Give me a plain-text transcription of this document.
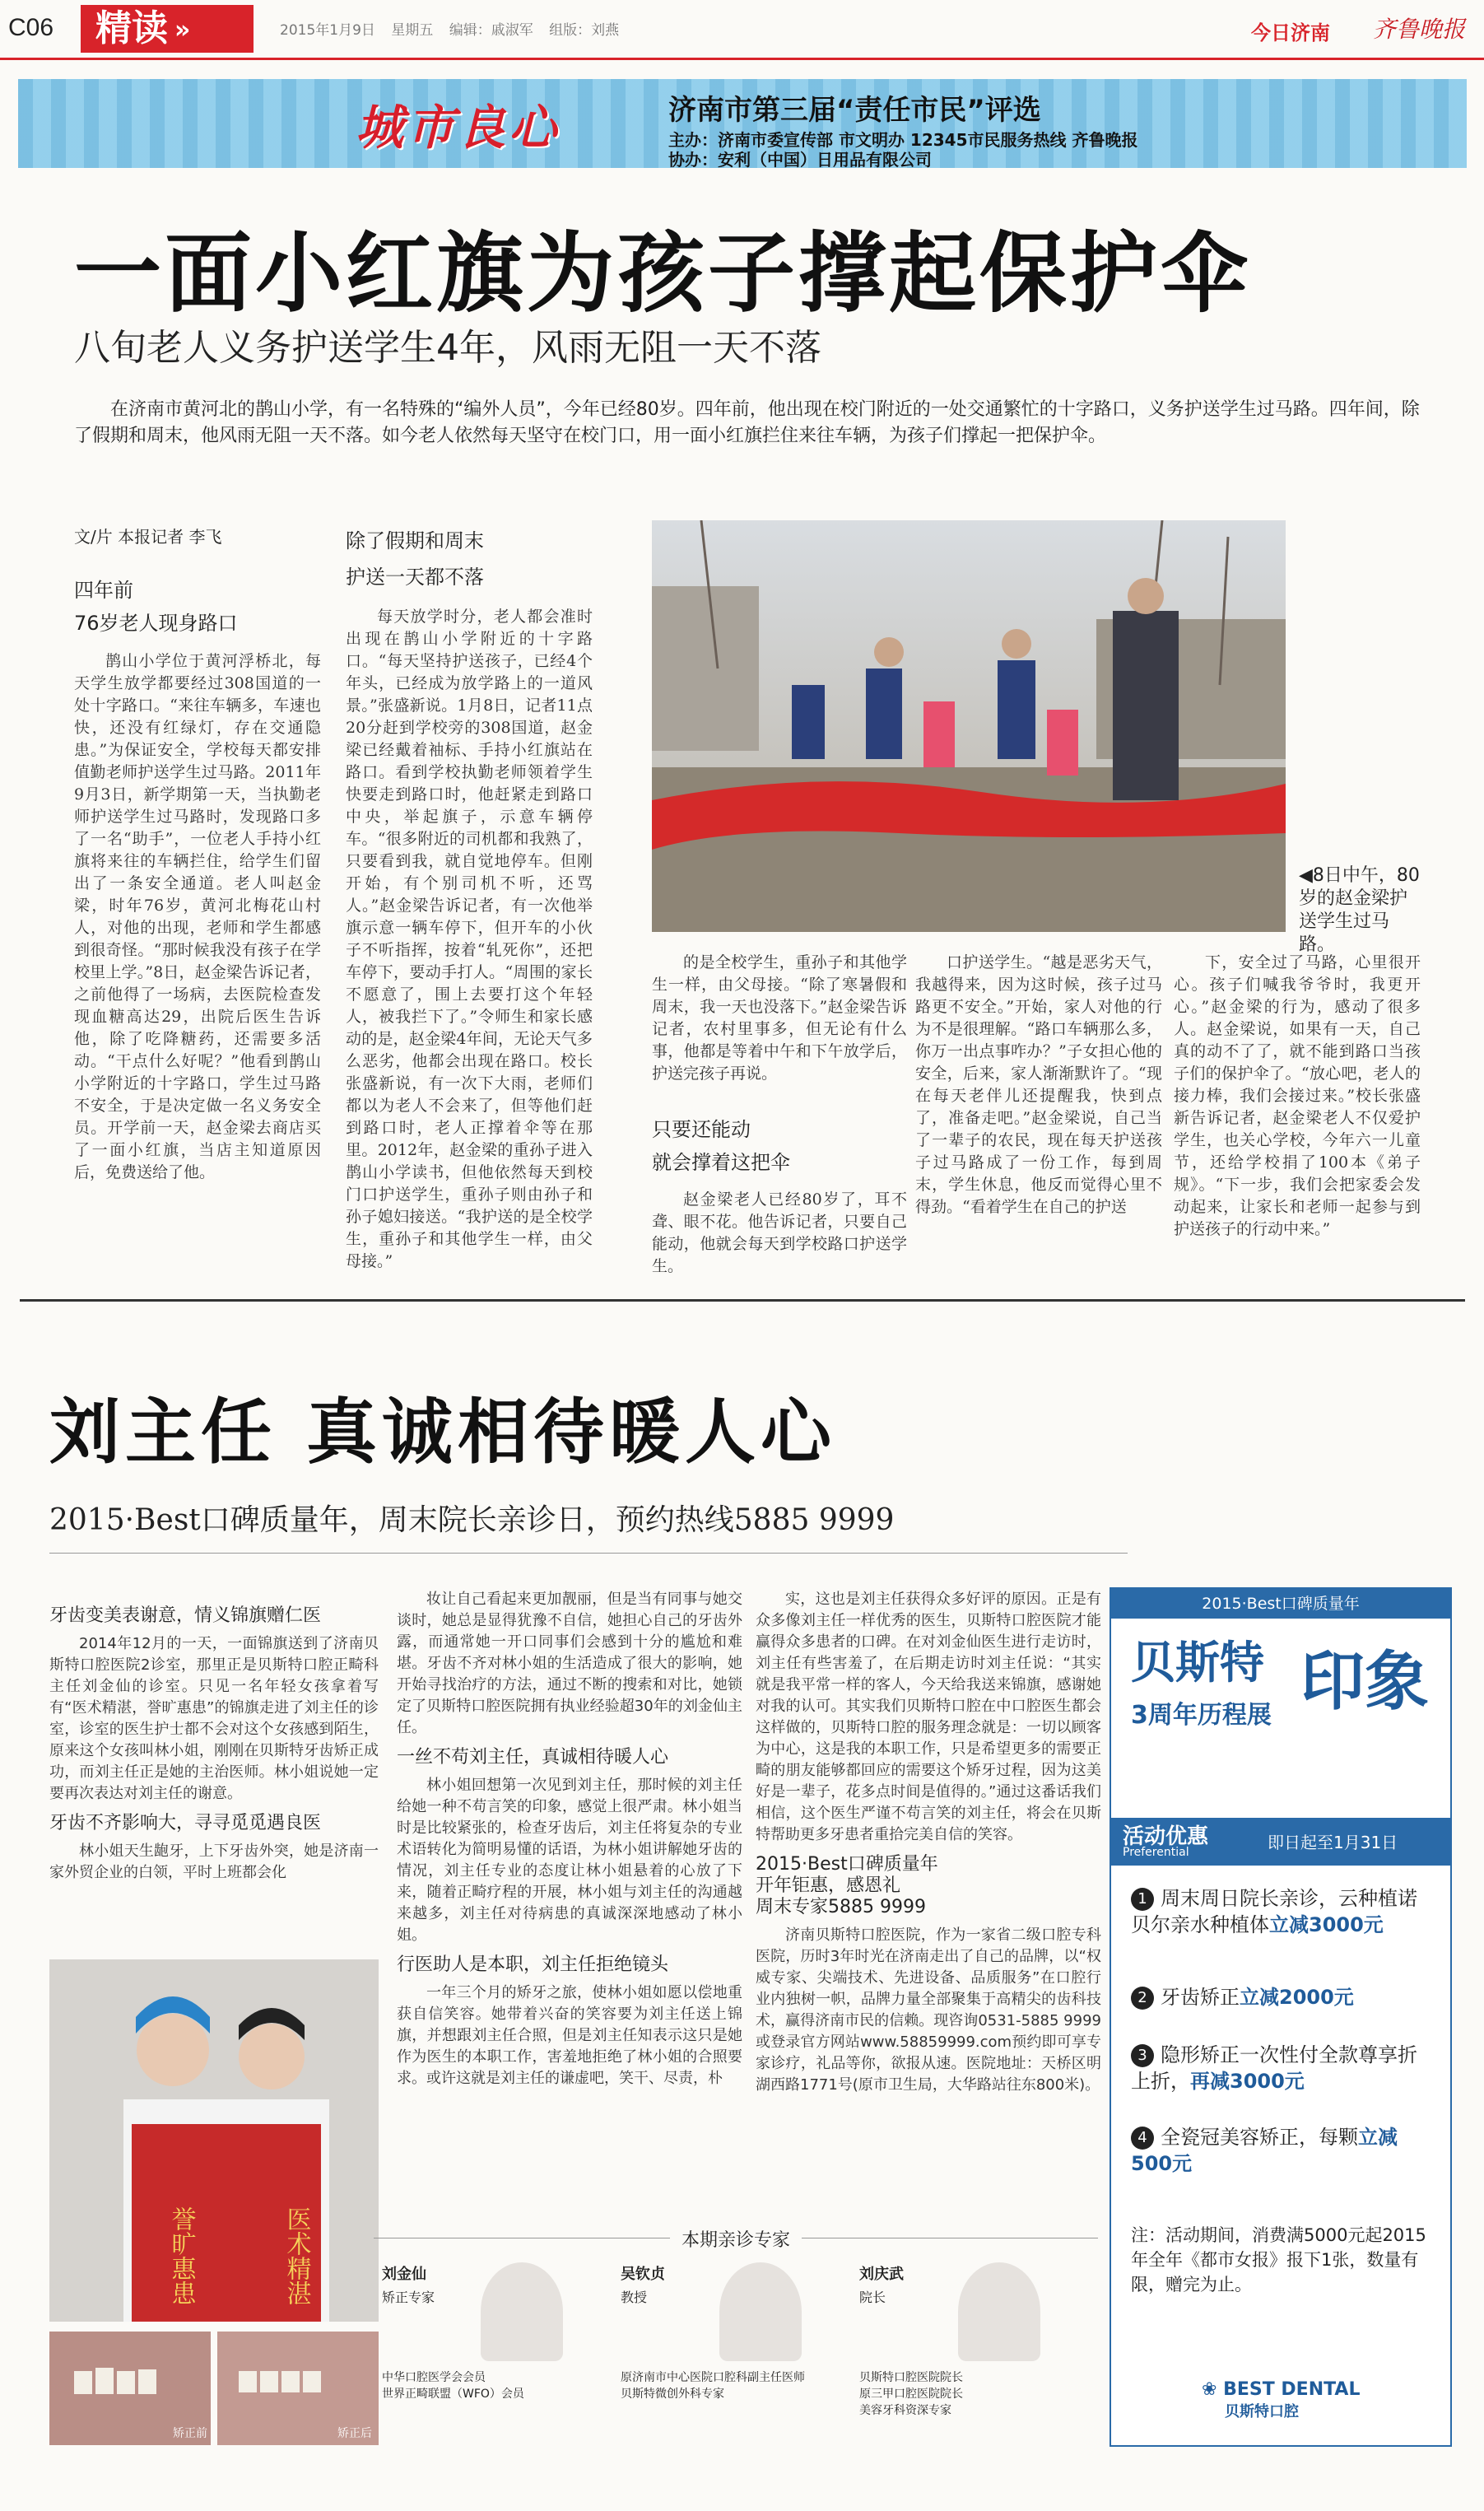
C06	精读 »	2015年1月9日 星期五 编辑：戚淑军 组版：刘燕	今日济南 齐鲁晚报
城市良心	济南市第三届“责任市民”评选
主办：济南市委宣传部 市文明办 12345市民服务热线 齐鲁晚报
协办：安利（中国）日用品有限公司
一面小红旗为孩子撑起保护伞
八旬老人义务护送学生4年，风雨无阻一天不落
在济南市黄河北的鹊山小学，有一名特殊的“编外人员”，今年已经80岁。四年前，他出现在校门附近的一处交通繁忙的十字路口，义务护送学生过马路。四年间，除了假期和周末，他风雨无阻一天不落。如今老人依然每天坚守在校门口，用一面小红旗拦住来往车辆，为孩子们撑起一把保护伞。
文/片 本报记者 李飞
四年前
76岁老人现身路口

鹊山小学位于黄河浮桥北，每天学生放学都要经过308国道的一处十字路口。“来往车辆多，车速也快，还没有红绿灯，存在交通隐患。”为保证安全，学校每天都安排值勤老师护送学生过马路。2011年9月3日，新学期第一天，当执勤老师护送学生过马路时，发现路口多了一名“助手”，一位老人手持小红旗将来往的车辆拦住，给学生们留出了一条安全通道。老人叫赵金梁，时年76岁，黄河北梅花山村人，对他的出现，老师和学生都感到很奇怪。“那时候我没有孩子在学校里上学。”8日，赵金梁告诉记者，之前他得了一场病，去医院检查发现血糖高达29，出院后医生告诉他，除了吃降糖药，还需要多活动。“干点什么好呢？”他看到鹊山小学附近的十字路口，学生过马路不安全，于是决定做一名义务安全员。开学前一天，赵金梁去商店买了一面小红旗，当店主知道原因后，免费送给了他。

除了假期和周末
护送一天都不落

每天放学时分，老人都会准时出现在鹊山小学附近的十字路口。“每天坚持护送孩子，已经4个年头，已经成为放学路上的一道风景。”张盛新说。1月8日，记者11点20分赶到学校旁的308国道，赵金梁已经戴着袖标、手持小红旗站在路口。看到学校执勤老师领着学生快要走到路口时，他赶紧走到路口中央，举起旗子，示意车辆停车。“很多附近的司机都和我熟了，只要看到我，就自觉地停车。但刚开始，有个别司机不听，还骂人。”赵金梁告诉记者，有一次他举旗示意一辆车停下，但开车的小伙子不听指挥，按着“轧死你”，还把车停下，要动手打人。“周围的家长不愿意了，围上去要打这个年轻人，被我拦下了。”令师生和家长感动的是，赵金梁4年间，无论天气多么恶劣，他都会出现在路口。校长张盛新说，有一次下大雨，老师们都以为老人不会来了，但等他们赶到路口时，老人正撑着伞等在那里。2012年，赵金梁的重孙子进入鹊山小学读书，但他依然每天到校门口护送学生，重孙子则由孙子和孙子媳妇接送。“我护送的是全校学生，重孙子和其他学生一样，由父母接。”

◀8日中午，80岁的赵金梁护送学生过马路。

的是全校学生，重孙子和其他学生一样，由父母接。“除了寒暑假和周末，我一天也没落下。”赵金梁告诉记者，农村里事多，但无论有什么事，他都是等着中午和下午放学后，护送完孩子再说。

只要还能动
就会撑着这把伞

赵金梁老人已经80岁了，耳不聋、眼不花。他告诉记者，只要自己能动，他就会每天到学校路口护送学生。

口护送学生。“越是恶劣天气，我越得来，因为这时候，孩子过马路更不安全。”开始，家人对他的行为不是很理解。“路口车辆那么多，你万一出点事咋办？”子女担心他的安全，后来，家人渐渐默许了。“现在每天老伴儿还提醒我，快到点了，准备走吧。”赵金梁说，自己当了一辈子的农民，现在每天护送孩子过马路成了一份工作，每到周末，学生休息，他反而觉得心里不得劲。“看着学生在自己的护送

下，安全过了马路，心里很开心。孩子们喊我爷爷时，我更开心。”赵金梁的行为，感动了很多人。赵金梁说，如果有一天，自己真的动不了了，就不能到路口当孩子们的保护伞了。“放心吧，老人的接力棒，我们会接过来。”校长张盛新告诉记者，赵金梁老人不仅爱护学生，也关心学校，今年六一儿童节，还给学校捐了100本《弟子规》。“下一步，我们会把家委会发动起来，让家长和老师一起参与到护送孩子的行动中来。”

刘主任 真诚相待暖人心
2015·Best口碑质量年，周末院长亲诊日，预约热线5885 9999
牙齿变美表谢意，情义锦旗赠仁医

2014年12月的一天，一面锦旗送到了济南贝斯特口腔医院2诊室，那里正是贝斯特口腔正畸科主任刘金仙的诊室。只见一名年轻女孩拿着写有“医术精湛，誉旷惠患”的锦旗走进了刘主任的诊室，诊室的医生护士都不会对这个女孩感到陌生，原来这个女孩叫林小姐，刚刚在贝斯特牙齿矫正成功，而刘主任正是她的主治医师。林小姐说她一定要再次表达对刘主任的谢意。

牙齿不齐影响大，寻寻觅觅遇良医

林小姐天生龅牙，上下牙齿外突，她是济南一家外贸企业的白领，平时上班都会化

医术精湛
誉旷惠患
矫正前	矫正后

妆让自己看起来更加靓丽，但是当有同事与她交谈时，她总是显得犹豫不自信，她担心自己的牙齿外露，而通常她一开口同事们会感到十分的尴尬和难堪。牙齿不齐对林小姐的生活造成了很大的影响，她开始寻找治疗的方法，通过不断的搜索和对比，她锁定了贝斯特口腔医院拥有执业经验超30年的刘金仙主任。

一丝不苟刘主任，真诚相待暖人心

林小姐回想第一次见到刘主任，那时候的刘主任给她一种不苟言笑的印象，感觉上很严肃。林小姐当时是比较紧张的，检查牙齿后，刘主任将复杂的专业术语转化为简明易懂的话语，为林小姐讲解她牙齿的情况，刘主任专业的态度让林小姐悬着的心放了下来，随着正畸疗程的开展，林小姐与刘主任的沟通越来越多，刘主任对待病患的真诚深深地感动了林小姐。

行医助人是本职，刘主任拒绝镜头

一年三个月的矫牙之旅，使林小姐如愿以偿地重获自信笑容。她带着兴奋的笑容要为刘主任送上锦旗，并想跟刘主任合照，但是刘主任知表示这只是她作为医生的本职工作，害羞地拒绝了林小姐的合照要求。或许这就是刘主任的谦虚吧，笑干、尽责，朴

实，这也是刘主任获得众多好评的原因。正是有众多像刘主任一样优秀的医生，贝斯特口腔医院才能赢得众多患者的口碑。在对刘金仙医生进行走访时，刘主任有些害羞了，在后期走访时刘主任说：“其实就是我平常一样的客人，今天给我送来锦旗，感谢她对我的认可。其实我们贝斯特口腔在中口腔医生都会这样做的，贝斯特口腔的服务理念就是：一切以顾客为中心，这是我的本职工作，只是希望更多的需要正畸的朋友能够都回应的需要这个矫牙过程，因为这美好是一辈子，花多点时间是值得的。”通过这番话我们相信，这个医生严谨不苟言笑的刘主任，将会在贝斯特帮助更多牙患者重拾完美自信的笑容。

2015·Best口碑质量年
开年钜惠，感恩礼
周末专家5885 9999

济南贝斯特口腔医院，作为一家省二级口腔专科医院，历时3年时光在济南走出了自己的品牌，以“权威专家、尖端技术、先进设备、品质服务”在口腔行业内独树一帜，品牌力量全部聚集于高精尖的齿科技术，赢得济南市民的信赖。现咨询0531-5885 9999或登录官方网站www.58859999.com预约即可享专家诊疗，礼品等你，欲报从速。医院地址：天桥区明湖西路1771号(原市卫生局，大华路站往东800米)。

本期亲诊专家
刘金仙
矫正专家
中华口腔医学会会员
世界正畸联盟（WFO）会员
吴钦贞
教授
原济南市中心医院口腔科副主任医师
贝斯特微创外科专家
刘庆武
院长
贝斯特口腔医院院长
原三甲口腔医院院长
美容牙科资深专家
2015·Best口碑质量年
贝斯特 印象
3周年历程展
活动优惠
Preferential	即日起至1月31日
1 周末周日院长亲诊，云种植诺贝尔亲水种植体立减3000元
2 牙齿矫正立减2000元
3 隐形矫正一次性付全款尊享折上折，再减3000元
4 全瓷冠美容矫正，每颗立减500元
注：活动期间，消费满5000元起2015年全年《都市女报》报下1张，数量有限，赠完为止。
❀ BEST DENTAL
贝斯特口腔
